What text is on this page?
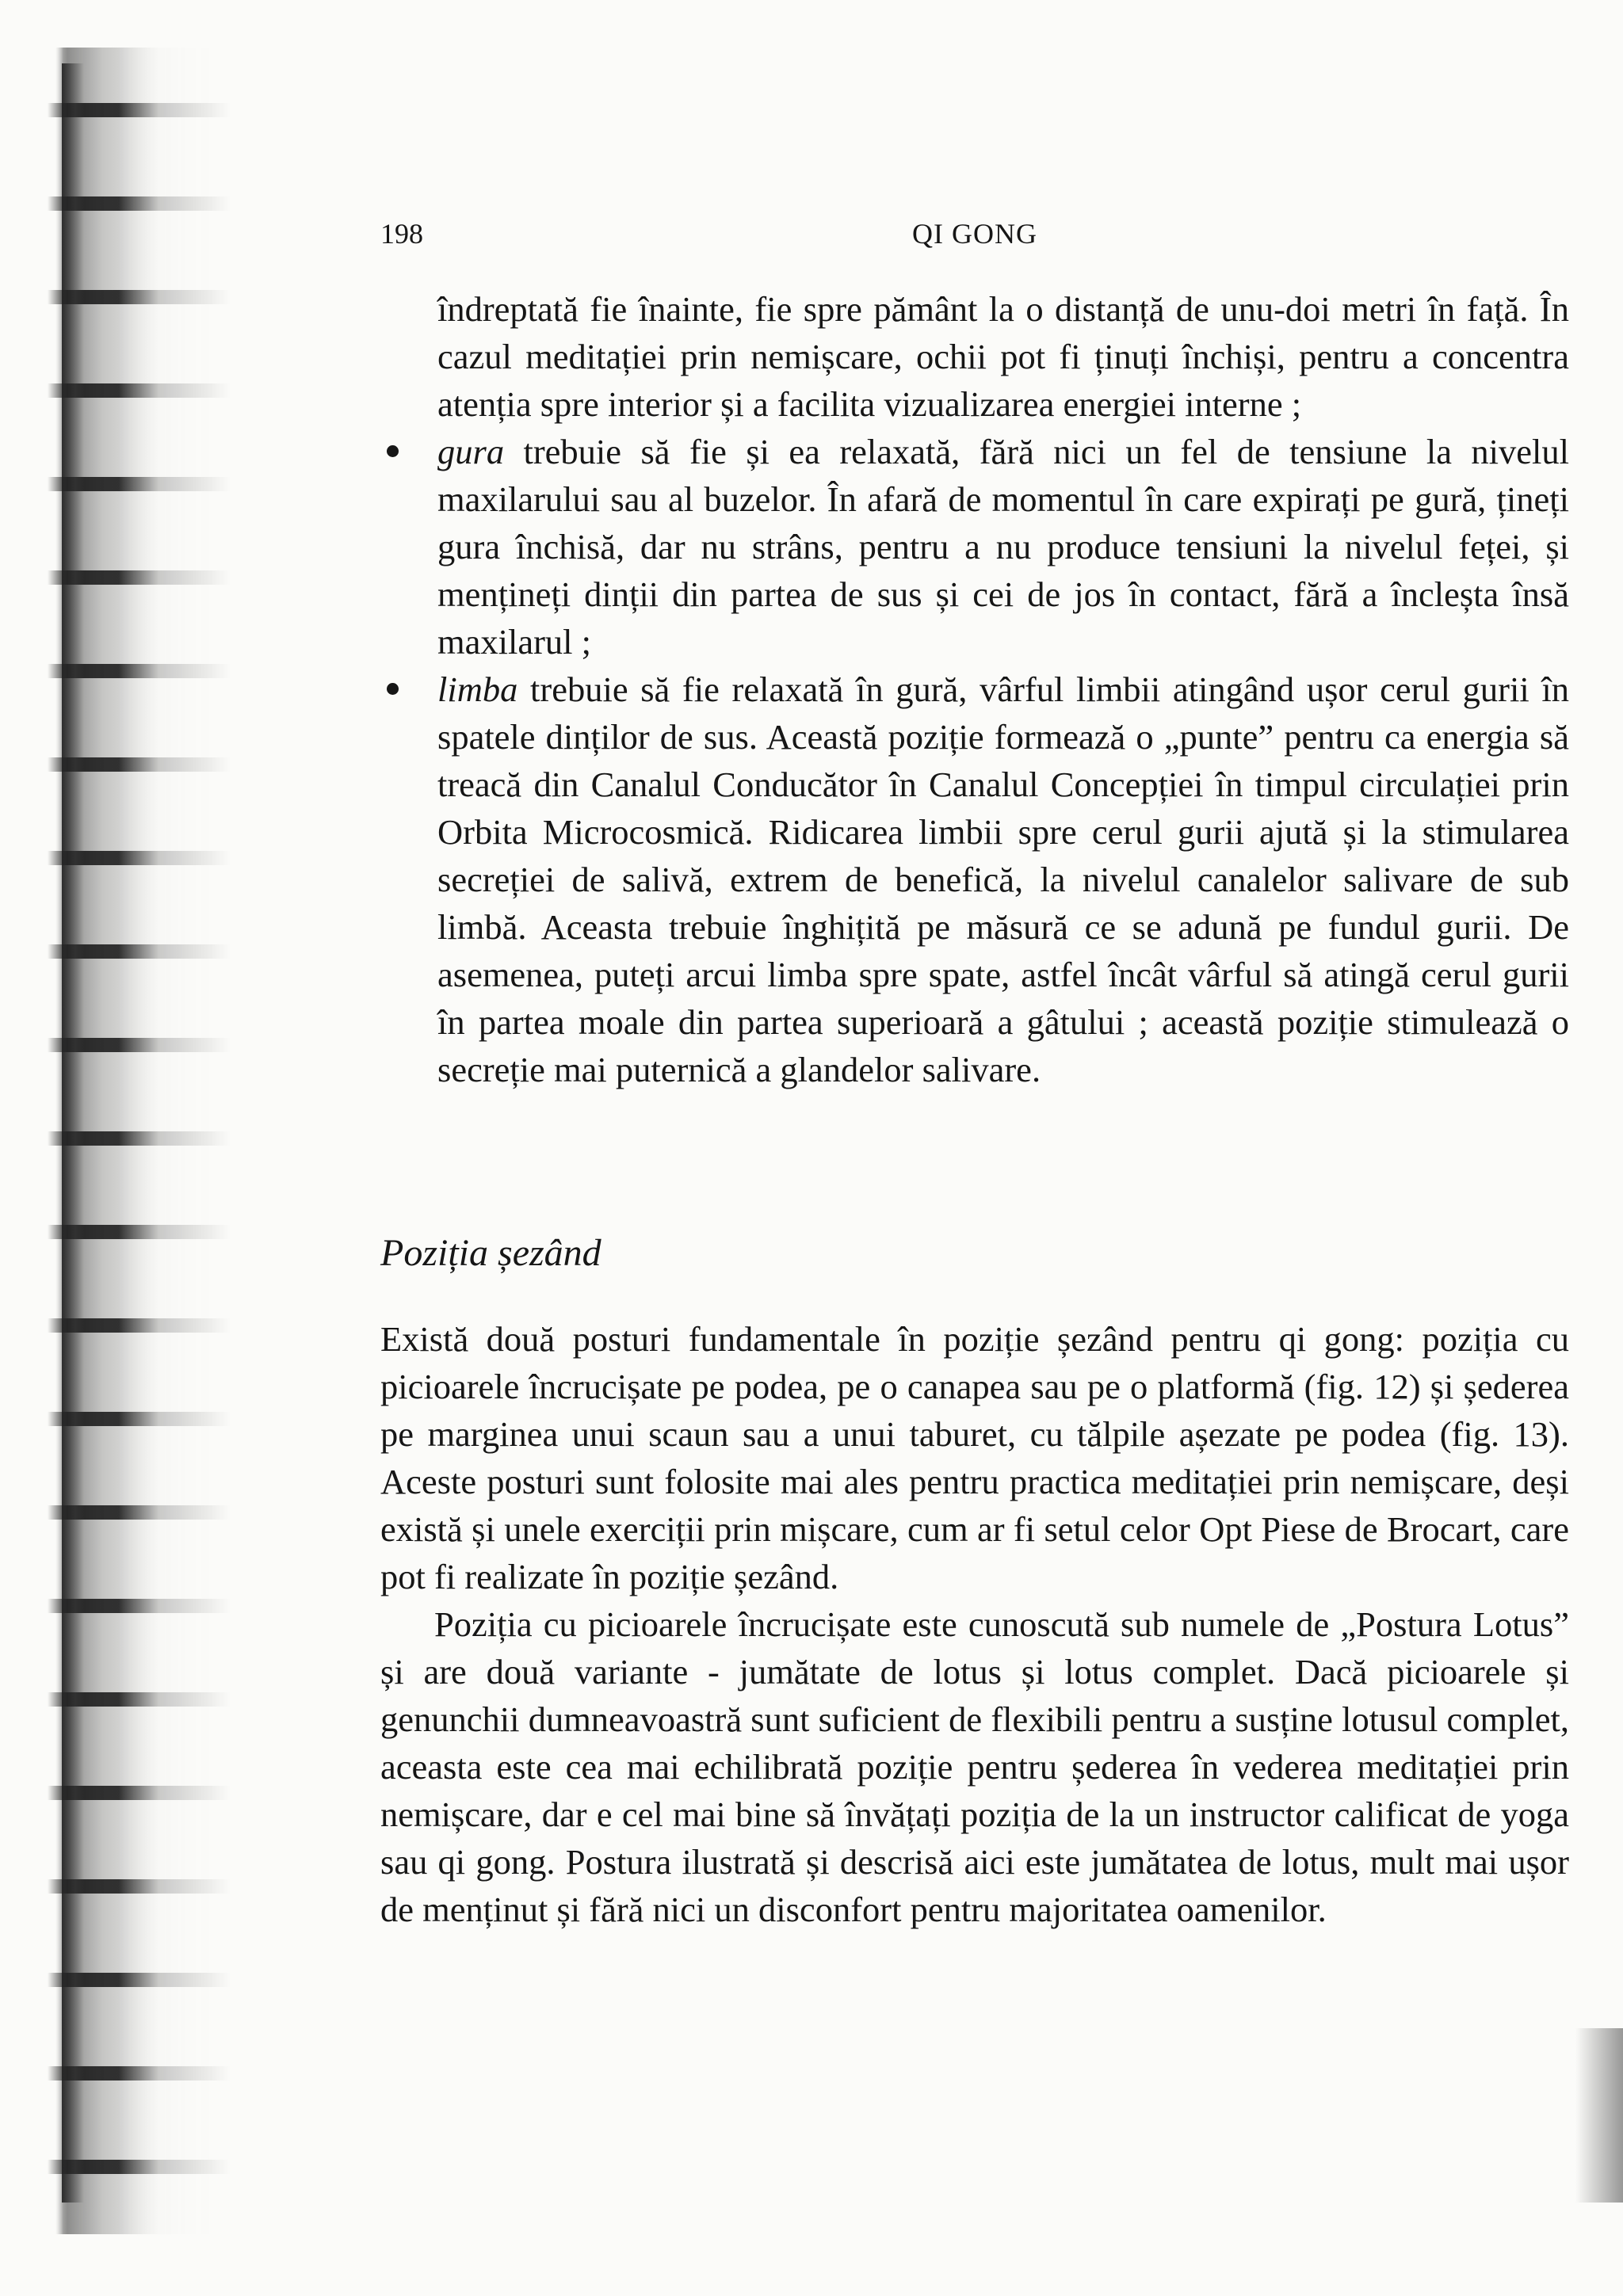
198	QI GONG

îndreptată fie înainte, fie spre pământ la o distanță de unu-doi metri în față. În cazul meditației prin nemișcare, ochii pot fi ținuți închiși, pentru a concentra atenția spre interior și a facilita vizualizarea energiei interne ;

gura trebuie să fie și ea relaxată, fără nici un fel de tensiune la nivelul maxilarului sau al buzelor. În afară de momentul în care expirați pe gură, țineți gura închisă, dar nu strâns, pentru a nu produce tensiuni la nivelul feței, și mențineți dinții din partea de sus și cei de jos în contact, fără a încleșta însă maxilarul ;

limba trebuie să fie relaxată în gură, vârful limbii atingând ușor cerul gurii în spatele dinților de sus. Această poziție formează o „punte” pentru ca energia să treacă din Canalul Conducător în Canalul Concepției în timpul circulației prin Orbita Microcosmică. Ridicarea limbii spre cerul gurii ajută și la stimularea secreției de salivă, extrem de benefică, la nivelul canalelor salivare de sub limbă. Aceasta trebuie înghițită pe măsură ce se adună pe fundul gurii. De asemenea, puteți arcui limba spre spate, astfel încât vârful să atingă cerul gurii în partea moale din partea superioară a gâtului ; această poziție stimulează o secreție mai puternică a glandelor salivare.

Poziția șezând

Există două posturi fundamentale în poziție șezând pentru qi gong: poziția cu picioarele încrucișate pe podea, pe o canapea sau pe o platformă (fig. 12) și șederea pe marginea unui scaun sau a unui taburet, cu tălpile așezate pe podea (fig. 13). Aceste posturi sunt folosite mai ales pentru practica meditației prin nemișcare, deși există și unele exerciții prin mișcare, cum ar fi setul celor Opt Piese de Brocart, care pot fi realizate în poziție șezând.

Poziția cu picioarele încrucișate este cunoscută sub numele de „Postura Lotus” și are două variante - jumătate de lotus și lotus complet. Dacă picioarele și genunchii dumneavoastră sunt suficient de flexibili pentru a susține lotusul complet, aceasta este cea mai echilibrată poziție pentru șederea în vederea meditației prin nemișcare, dar e cel mai bine să învățați poziția de la un instructor calificat de yoga sau qi gong. Postura ilustrată și descrisă aici este jumătatea de lotus, mult mai ușor de menținut și fără nici un disconfort pentru majoritatea oamenilor.
